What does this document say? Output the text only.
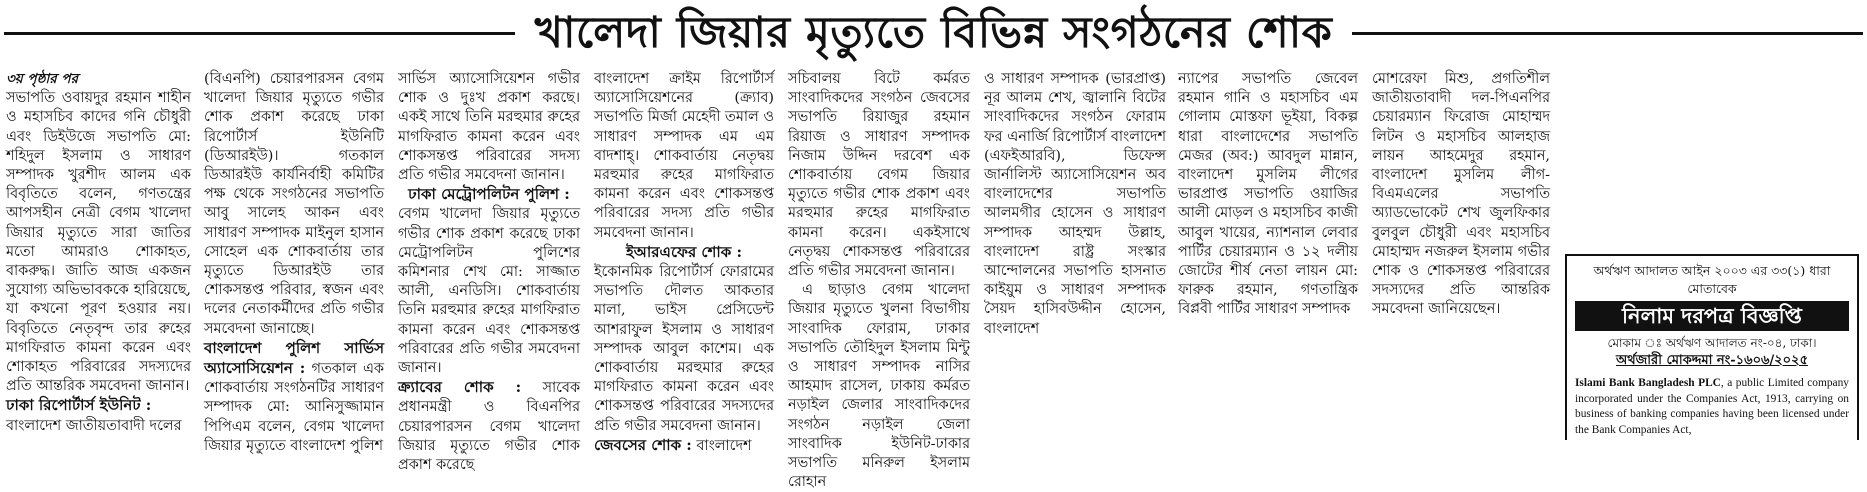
খালেদা জিয়ার মৃত্যুতে বিভিন্ন সংগঠনের শোক

৩য় পৃষ্ঠার পর

সভাপতি ওবায়দুর রহমান শাহীন ও মহাসচিব কাদের গনি চৌধুরী এবং ডিইউজে সভাপতি মো: শহিদুল ইসলাম ও সাধারণ সম্পাদক খুরশীদ আলম এক বিবৃতিতে বলেন, গণতন্ত্রের আপসহীন নেত্রী বেগম খালেদা জিয়ার মৃত্যুতে সারা জাতির মতো আমরাও শোকাহত, বাকরুদ্ধ। জাতি আজ একজন সুযোগ্য অভিভাবককে হারিয়েছে, যা কখনো পূরণ হওয়ার নয়। বিবৃতিতে নেতৃবৃন্দ তার রুহের মাগফিরাত কামনা করেন এবং শোকাহত পরিবারের সদস্যদের প্রতি আন্তরিক সমবেদনা জানান।

ঢাকা রিপোর্টার্স ইউনিট :

বাংলাদেশ জাতীয়তাবাদী দলের

(বিএনপি) চেয়ারপারসন বেগম খালেদা জিয়ার মৃত্যুতে গভীর শোক প্রকাশ করেছে ঢাকা রিপোর্টার্স ইউনিটি (ডিআরইউ)। গতকাল ডিআরইউ কার্যনির্বাহী কমিটির পক্ষ থেকে সংগঠনের সভাপতি আবু সালেহ আকন এবং সাধারণ সম্পাদক মাইনুল হাসান সোহেল এক শোকবার্তায় তার মৃত্যুতে ডিআরইউ তার শোকসন্তপ্ত পরিবার, স্বজন এবং দলের নেতাকর্মীদের প্রতি গভীর সমবেদনা জানাচ্ছে।

বাংলাদেশ পুলিশ সার্ভিস অ্যাসোসিয়েশন : গতকাল এক শোকবার্তায় সংগঠনটির সাধারণ সম্পাদক মো: আনিসুজ্জামান পিপিএম বলেন, বেগম খালেদা জিয়ার মৃত্যুতে বাংলাদেশ পুলিশ

সার্ভিস অ্যাসোসিয়েশন গভীর শোক ও দুঃখ প্রকাশ করছে। একই সাথে তিনি মরহুমার রুহের মাগফিরাত কামনা করেন এবং শোকসন্তপ্ত পরিবারের সদস্য প্রতি গভীর সমবেদনা জানান।

ঢাকা মেট্রোপলিটন পুলিশ :

বেগম খালেদা জিয়ার মৃত্যুতে গভীর শোক প্রকাশ করেছে ঢাকা মেট্রোপলিটন পুলিশের কমিশনার শেখ মো: সাজ্জাত আলী, এনডিসি। শোকবার্তায় তিনি মরহুমার রুহের মাগফিরাত কামনা করেন এবং শোকসন্তপ্ত পরিবারের প্রতি গভীর সমবেদনা জানান।

ক্র্যাবের শোক : সাবেক প্রধানমন্ত্রী ও বিএনপির চেয়ারপারসন বেগম খালেদা জিয়ার মৃত্যুতে গভীর শোক প্রকাশ করেছে

বাংলাদেশ ক্রাইম রিপোর্টার্স অ্যাসোসিয়েশনের (ক্র্যাব) সভাপতি মির্জা মেহেদী তমাল ও সাধারণ সম্পাদক এম এম বাদশাহ্। শোকবার্তায় নেতৃদ্বয় মরহুমার রুহের মাগফিরাত কামনা করেন এবং শোকসন্তপ্ত পরিবারের সদস্য প্রতি গভীর সমবেদনা জানান।

ইআরএফের শোক :

ইকোনমিক রিপোর্টার্স ফোরামের সভাপতি দৌলত আকতার মালা, ভাইস প্রেসিডেন্ট আশরাফুল ইসলাম ও সাধারণ সম্পাদক আবুল কাশেম। এক শোকবার্তায় মরহুমার রুহের মাগফিরাত কামনা করেন এবং শোকসন্তপ্ত পরিবারের সদস্যদের প্রতি গভীর সমবেদনা জানান।

জেবসের শোক : বাংলাদেশ

সচিবালয় বিটে কর্মরত সাংবাদিকদের সংগঠন জেবসের সভাপতি রিয়াজুর রহমান রিয়াজ ও সাধারণ সম্পাদক নিজাম উদ্দিন দরবেশ এক শোকবার্তায় বেগম জিয়ার মৃত্যুতে গভীর শোক প্রকাশ এবং মরহুমার রুহের মাগফিরাত কামনা করেন। একইসাথে নেতৃদ্বয় শোকসন্তপ্ত পরিবারের প্রতি গভীর সমবেদনা জানান।

এ ছাড়াও বেগম খালেদা জিয়ার মৃত্যুতে খুলনা বিভাগীয় সাংবাদিক ফোরাম, ঢাকার সভাপতি তৌহিদুল ইসলাম মিন্টু ও সাধারণ সম্পাদক নাসির আহমাদ রাসেল, ঢাকায় কর্মরত নড়াইল জেলার সাংবাদিকদের সংগঠন নড়াইল জেলা সাংবাদিক ইউনিট-ঢাকার সভাপতি মনিরুল ইসলাম রোহান

ও সাধারণ সম্পাদক (ভারপ্রাপ্ত) নূর আলম শেখ, জ্বালানি বিটের সাংবাদিকদের সংগঠন ফোরাম ফর এনার্জি রিপোর্টার্স বাংলাদেশ (এফইআরবি), ডিফেন্স জার্নালিস্ট অ্যাসোসিয়েশন অব বাংলাদেশের সভাপতি আলমগীর হোসেন ও সাধারণ সম্পাদক আহম্মদ উল্লাহ, বাংলাদেশ রাষ্ট্র সংস্কার আন্দোলনের সভাপতি হাসনাত কাইয়ুম ও সাধারণ সম্পাদক সৈয়দ হাসিবউদ্দীন হোসেন, বাংলাদেশ

ন্যাপের সভাপতি জেবেল রহমান গানি ও মহাসচিব এম গোলাম মোস্তফা ভূইয়া, বিকল্প ধারা বাংলাদেশের সভাপতি মেজর (অব:) আবদুল মান্নান, বাংলাদেশ মুসলিম লীগের ভারপ্রাপ্ত সভাপতি ওয়াজির আলী মোড়ল ও মহাসচিব কাজী আবুল খায়ের, ন্যাশনাল লেবার পার্টির চেয়ারম্যান ও ১২ দলীয় জোটের শীর্ষ নেতা লায়ন মো: ফারুক রহমান, গণতান্ত্রিক বিপ্লবী পার্টির সাধারণ সম্পাদক

মোশরেফা মিশু, প্রগতিশীল জাতীয়তাবাদী দল-পিএনপির চেয়ারম্যান ফিরোজ মোহাম্মদ লিটন ও মহাসচিব আলহাজ লায়ন আহমেদুর রহমান, বাংলাদেশ মুসলিম লীগ-বিএমএলের সভাপতি অ্যাডভোকেট শেখ জুলফিকার বুলবুল চৌধুরী এবং মহাসচিব মোহাম্মদ নজরুল ইসলাম গভীর শোক ও শোকসন্তপ্ত পরিবারের সদস্যদের প্রতি আন্তরিক সমবেদনা জানিয়েছেন।

অর্থঋণ আদালত আইন ২০০৩ এর ৩৩(১) ধারা মোতাবেক
নিলাম দরপত্র বিজ্ঞপ্তি
মোকাম ঃ অর্থঋণ আদালত নং-০৪, ঢাকা।
অর্থজারী মোকদ্দমা নং-১৬০৬/২০২৫
Islami Bank Bangladesh PLC, a public Limited company incorporated under the Companies Act, 1913, carrying on business of banking companies having been licensed under the Bank Companies Act,
